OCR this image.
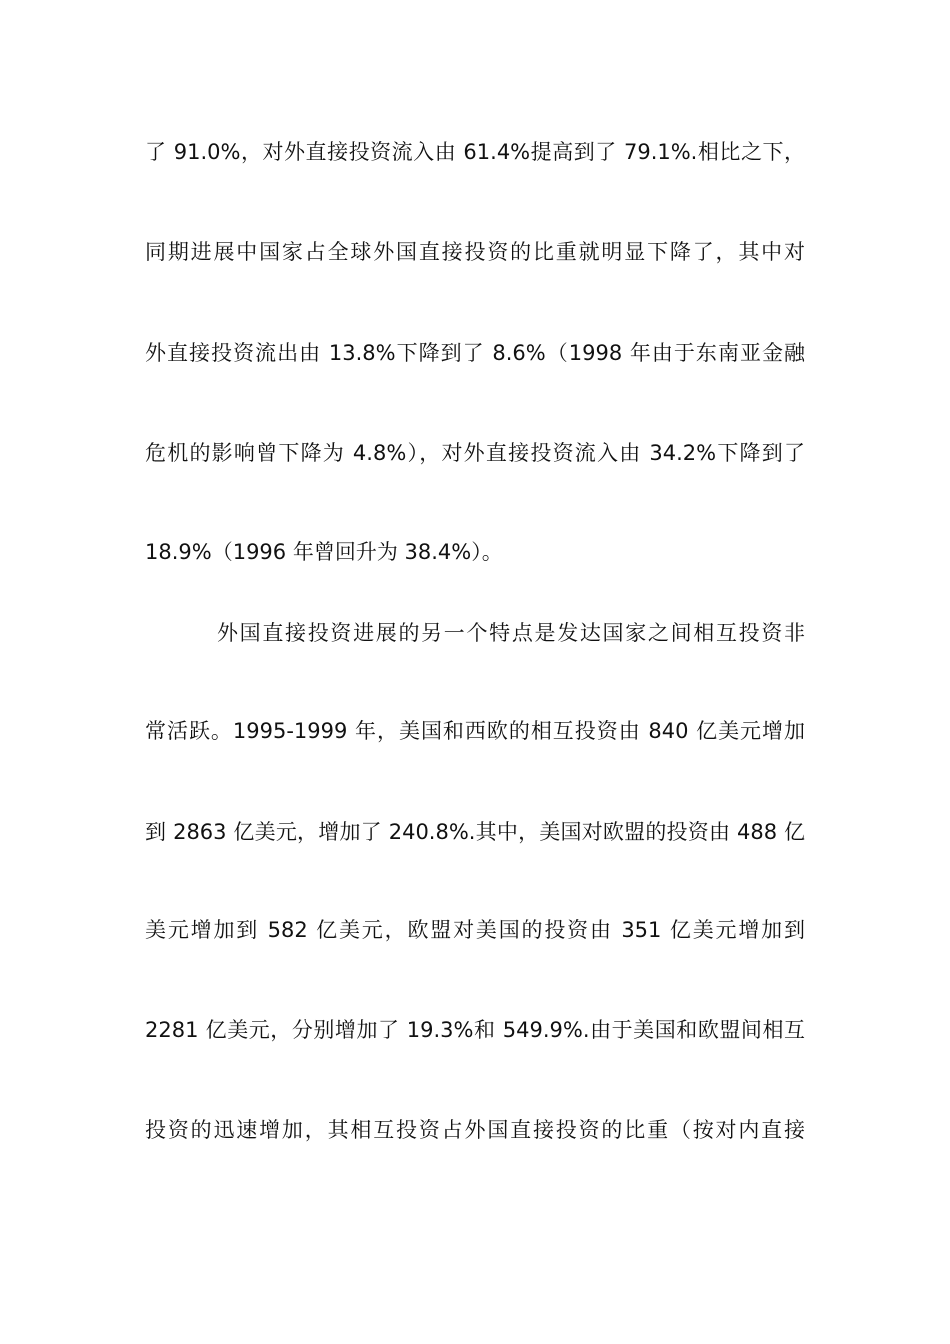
了 91.0%，对外直接投资流入由 61.4%提高到了 79.1%.相比之下，
同期进展中国家占全球外国直接投资的比重就明显下降了，其中对
外直接投资流出由 13.8%下降到了 8.6%（1998 年由于东南亚金融
危机的影响曾下降为 4.8%），对外直接投资流入由 34.2%下降到了
18.9%（1996 年曾回升为 38.4%）。
外国直接投资进展的另一个特点是发达国家之间相互投资非
常活跃。1995-1999 年，美国和西欧的相互投资由 840 亿美元增加
到 2863 亿美元，增加了 240.8%.其中，美国对欧盟的投资由 488 亿
美元增加到 582 亿美元，欧盟对美国的投资由 351 亿美元增加到
2281 亿美元，分别增加了 19.3%和 549.9%.由于美国和欧盟间相互
投资的迅速增加，其相互投资占外国直接投资的比重（按对内直接
